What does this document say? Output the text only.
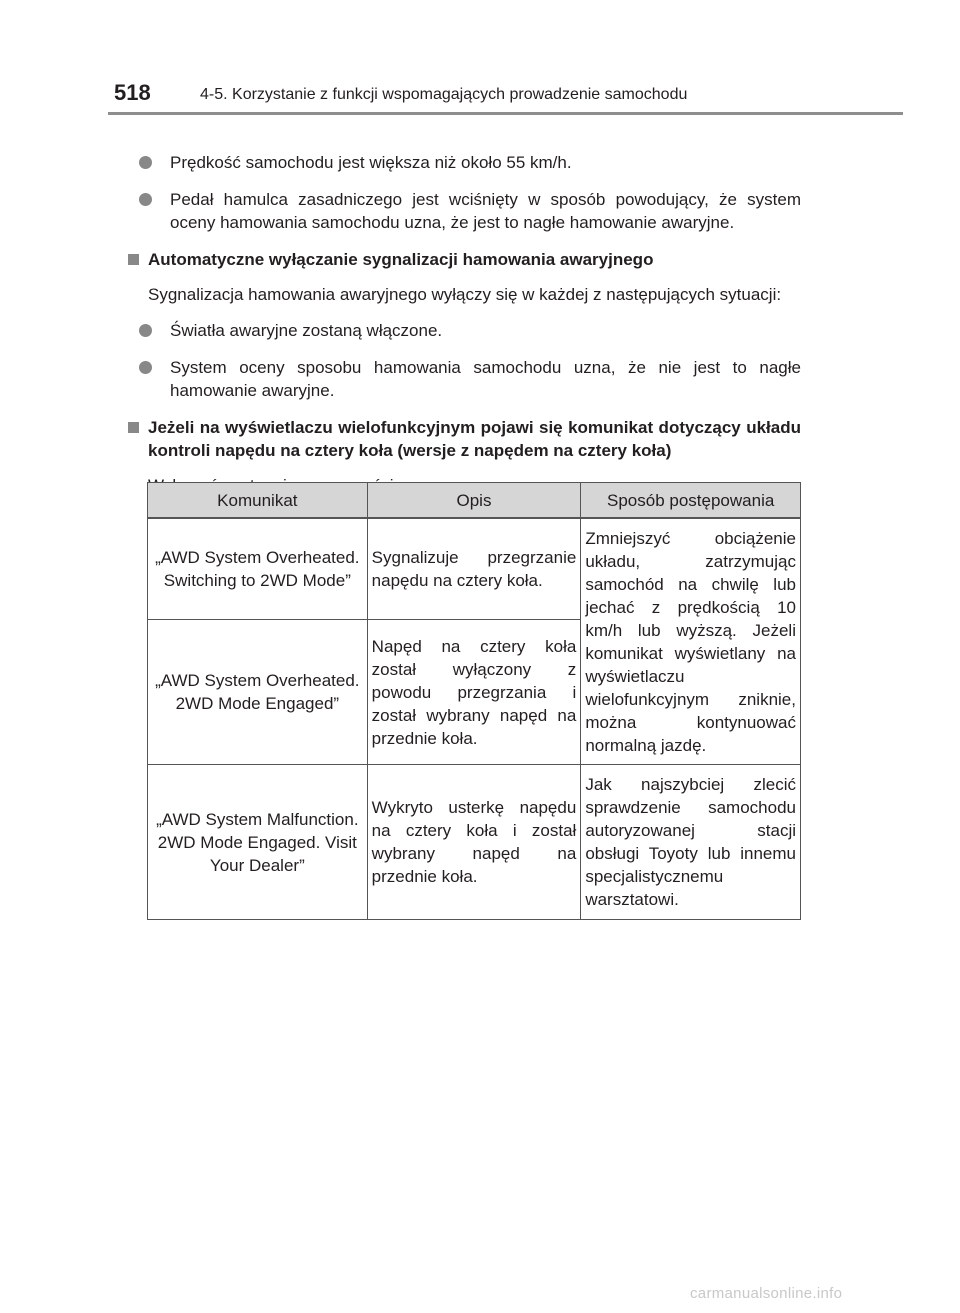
518	4-5. Korzystanie z funkcji wspomagających prowadzenie samochodu
Prędkość samochodu jest większa niż około 55 km/h.
Pedał hamulca zasadniczego jest wciśnięty w sposób powodujący, że system oceny hamowania samochodu uzna, że jest to nagłe hamowanie awaryjne.
Automatyczne wyłączanie sygnalizacji hamowania awaryjnego
Sygnalizacja hamowania awaryjnego wyłączy się w każdej z następujących sytuacji:
Światła awaryjne zostaną włączone.
System oceny sposobu hamowania samochodu uzna, że nie jest to nagłe hamowanie awaryjne.
Jeżeli na wyświetlaczu wielofunkcyjnym pojawi się komunikat dotyczący układu kontroli napędu na cztery koła (wersje z napędem na cztery koła)
Komunikat	Opis	Sposób postępowania
„AWD System Overheated. Switching to 2WD Mode”	Sygnalizuje przegrzanie napędu na cztery koła.	Zmniejszyć obciążenie układu, zatrzymując samochód na chwilę lub jechać z prędkością 10 km/h lub wyższą. Jeżeli komunikat wyświetlany na wyświetlaczu wielofunkcyjnym zniknie, można kontynuować normalną jazdę.
„AWD System Overheated. 2WD Mode Engaged”	Napęd na cztery koła został wyłączony z powodu przegrzania i został wybrany napęd na przednie koła.	
„AWD System Malfunction. 2WD Mode Engaged. Visit Your Dealer”	Wykryto usterkę napędu na cztery koła i został wybrany napęd na przednie koła.	Jak najszybciej zlecić sprawdzenie samochodu autoryzowanej stacji obsługi Toyoty lub innemu specjalistycznemu warsztatowi.
carmanualsonline.info
